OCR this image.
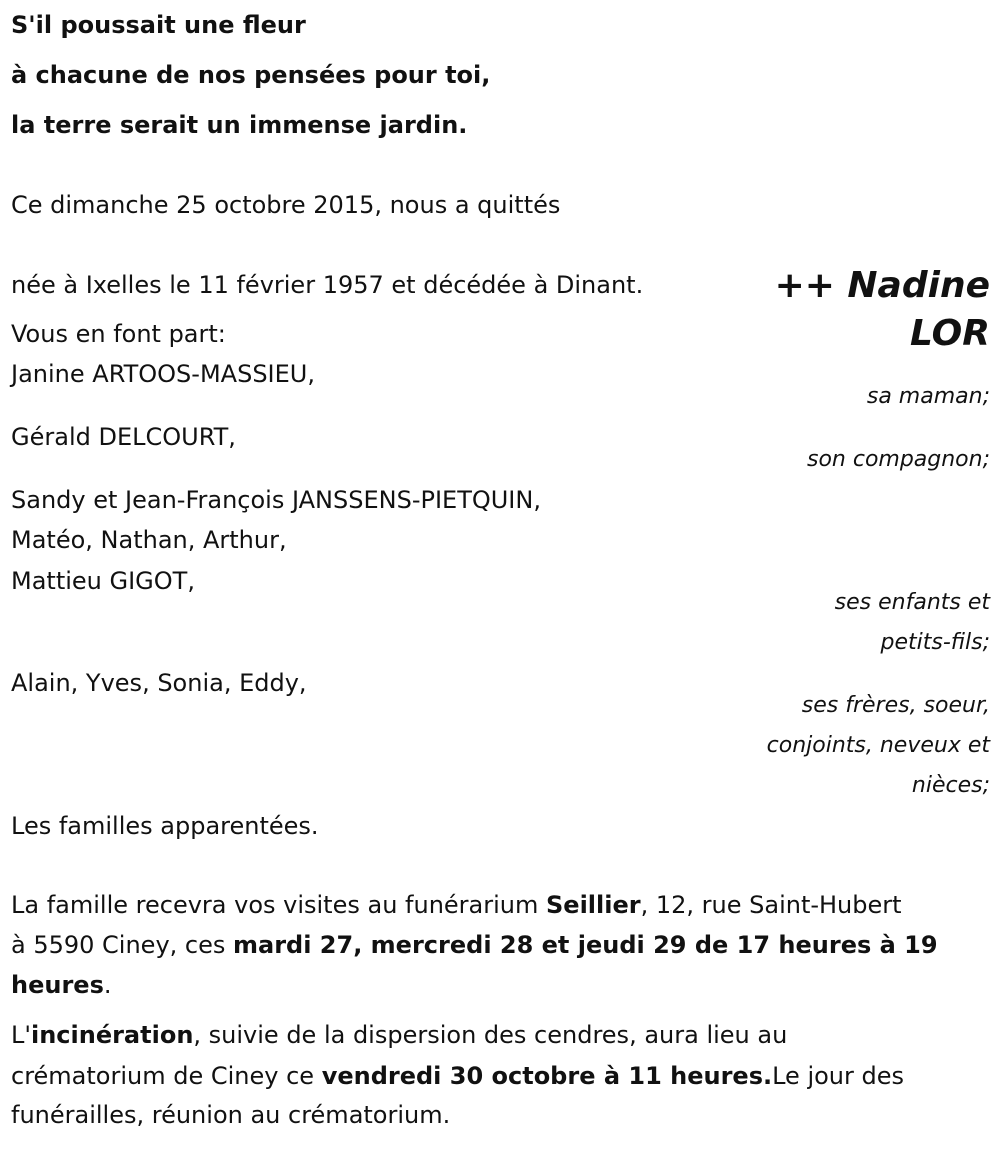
S'il poussait une fleur
à chacune de nos pensées pour toi,
la terre serait un immense jardin.
Ce dimanche 25 octobre 2015, nous a quittés
++ Nadine
LOR
née à Ixelles le 11 février 1957 et décédée à Dinant.
Vous en font part:
Janine ARTOOS-MASSIEU,
sa maman;
Gérald DELCOURT,
son compagnon;
Sandy et Jean-François JANSSENS-PIETQUIN,
Matéo, Nathan, Arthur,
Mattieu GIGOT,
ses enfants et
petits-fils;
Alain, Yves, Sonia, Eddy,
ses frères, soeur,
conjoints, neveux et
nièces;
Les familles apparentées.
La famille recevra vos visites au funérarium Seillier, 12, rue Saint-Hubert
à 5590 Ciney, ces mardi 27, mercredi 28 et jeudi 29 de 17 heures à 19
heures.
L'incinération, suivie de la dispersion des cendres, aura lieu au
crématorium de Ciney ce vendredi 30 octobre à 11 heures.Le jour des
funérailles, réunion au crématorium.
